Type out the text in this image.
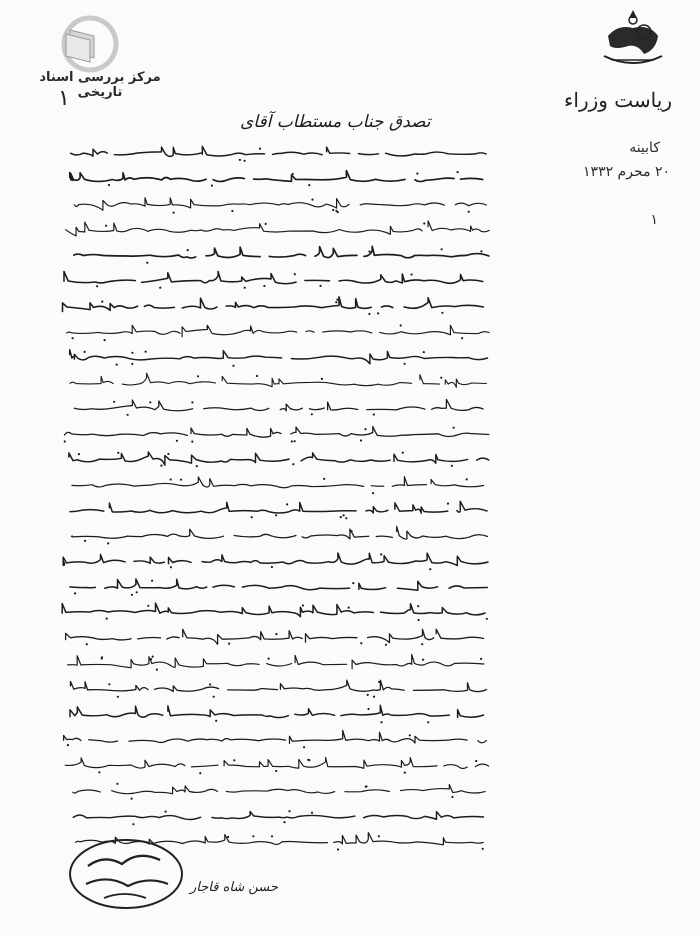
مرکز بررسی اسناد تاریخی	ریاست وزراء
کابینه
۲۰ محرم ۱۳۳۲
۱
۱
تصدق جناب مستطاب آقای
حسن شاه قاجار
